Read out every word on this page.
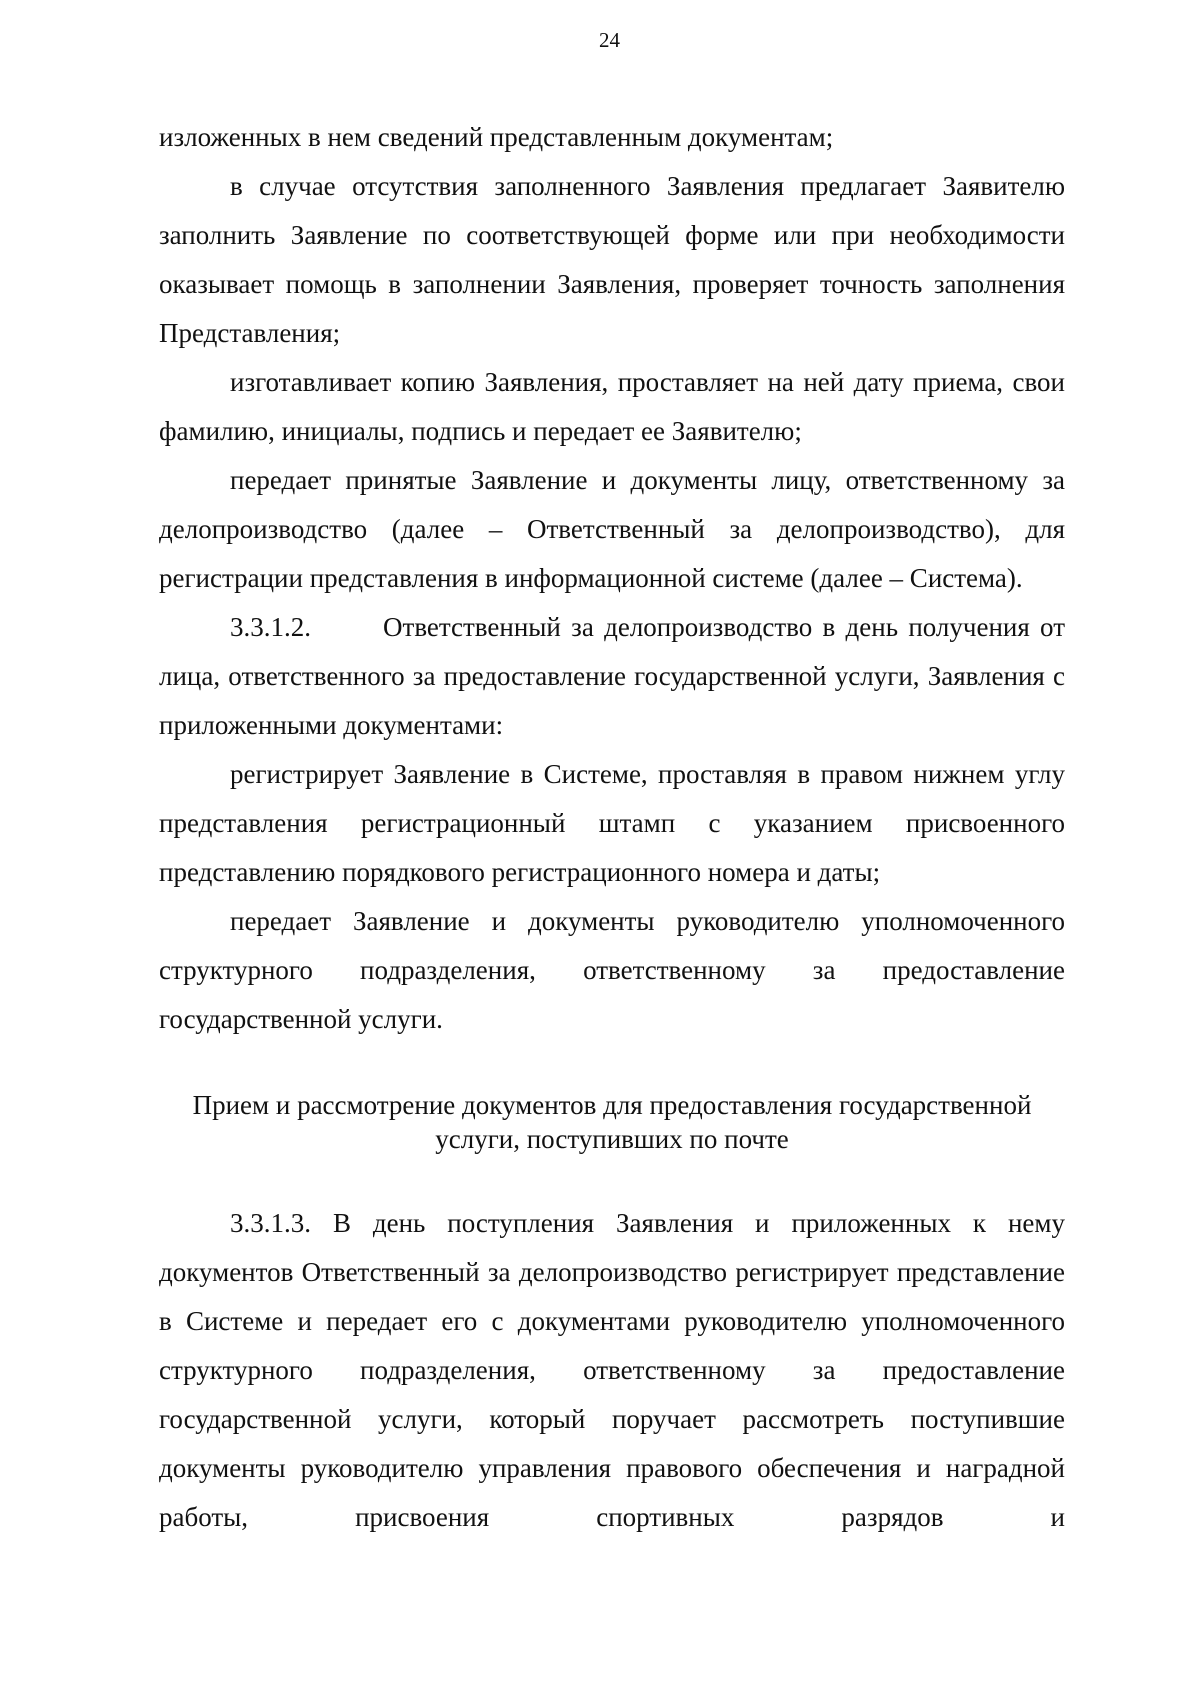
24

изложенных в нем сведений представленным документам;

в случае отсутствия заполненного Заявления предлагает Заявителю заполнить Заявление по соответствующей форме или при необходимости оказывает помощь в заполнении Заявления, проверяет точность заполнения Представления;

изготавливает копию Заявления, проставляет на ней дату приема, свои фамилию, инициалы, подпись и передает ее Заявителю;

передает принятые Заявление и документы лицу, ответственному за делопроизводство (далее – Ответственный за делопроизводство), для регистрации представления в информационной системе (далее – Система).

3.3.1.2.       Ответственный за делопроизводство в день получения от лица, ответственного за предоставление государственной услуги, Заявления с приложенными документами:

регистрирует Заявление в Системе, проставляя в правом нижнем углу представления регистрационный штамп с указанием присвоенного представлению порядкового регистрационного номера и даты;

передает Заявление и документы руководителю уполномоченного структурного подразделения, ответственному за предоставление государственной услуги.

Прием и рассмотрение документов для предоставления государственной

услуги, поступивших по почте

3.3.1.3. В день поступления Заявления и приложенных к нему документов Ответственный за делопроизводство регистрирует представление в Системе и передает его с документами руководителю уполномоченного структурного подразделения, ответственному за предоставление государственной услуги, который поручает рассмотреть поступившие документы руководителю управления правового обеспечения и наградной работы, присвоения спортивных разрядов и
